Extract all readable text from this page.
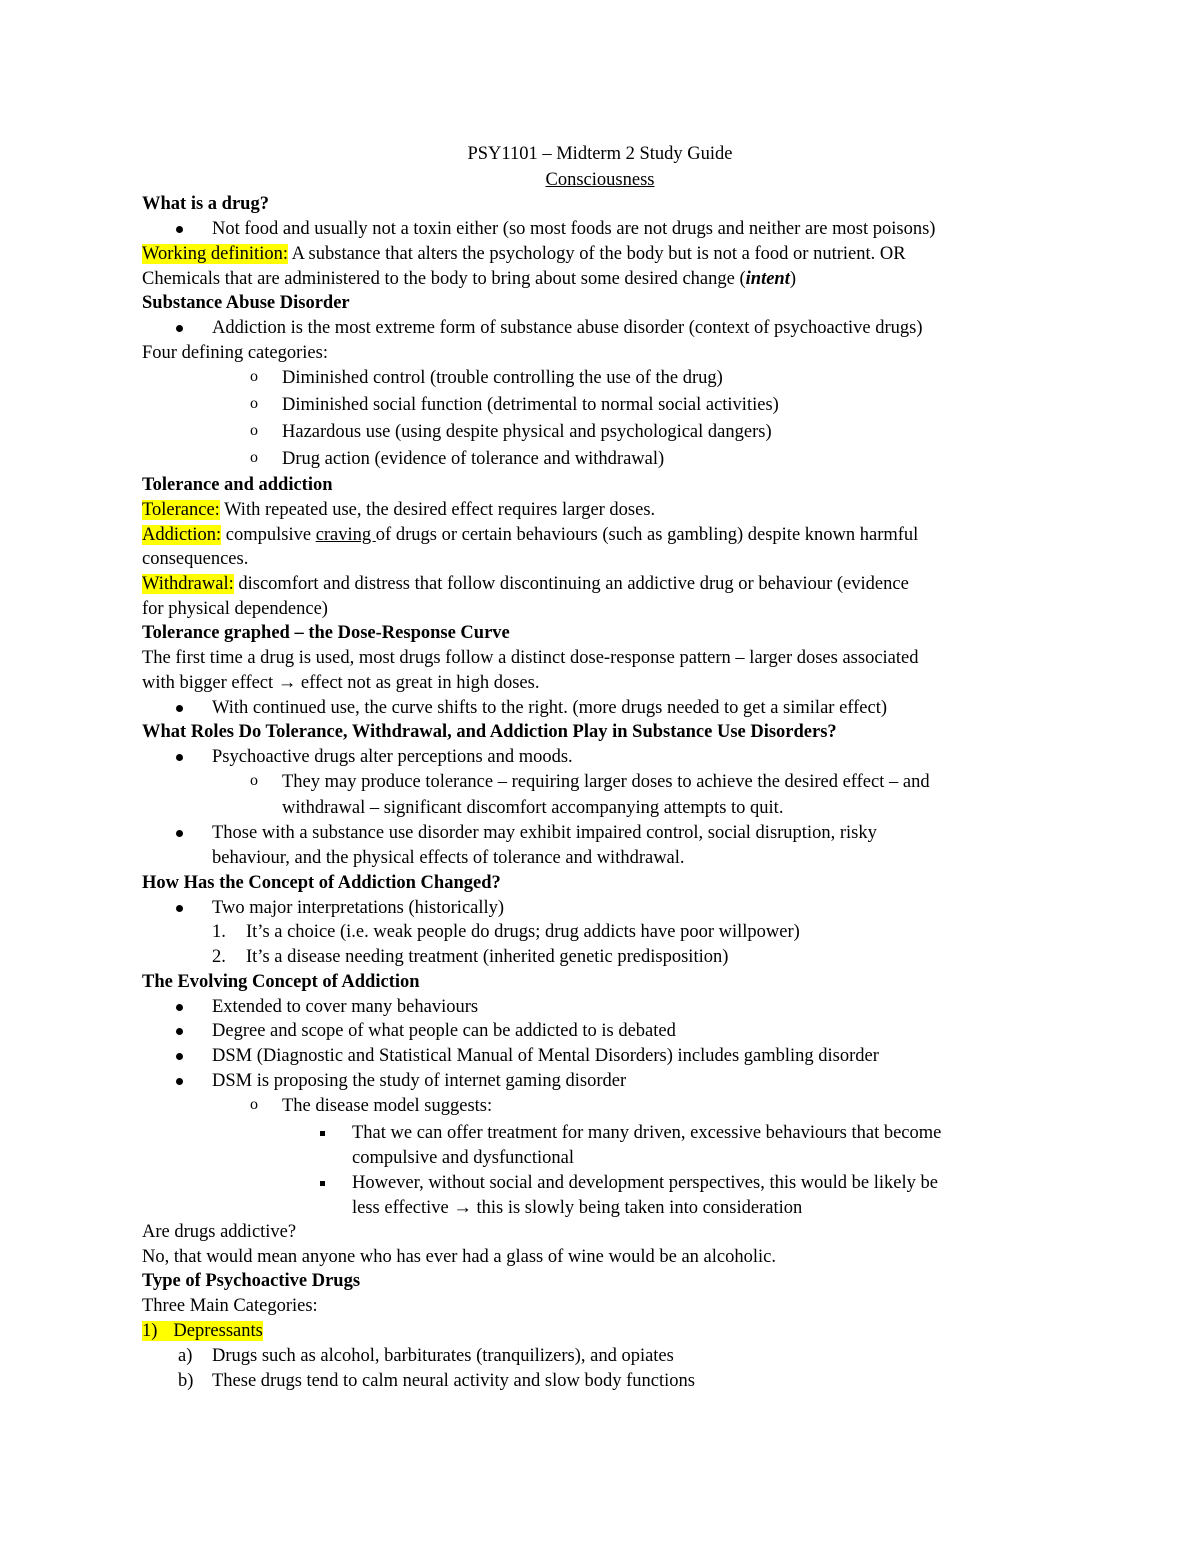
PSY1101 – Midterm 2 Study Guide
Consciousness
What is a drug?
Not food and usually not a toxin either (so most foods are not drugs and neither are most poisons)
Working definition: A substance that alters the psychology of the body but is not a food or nutrient. OR
Chemicals that are administered to the body to bring about some desired change (intent)
Substance Abuse Disorder
Addiction is the most extreme form of substance abuse disorder (context of psychoactive drugs)
Four defining categories:
o Diminished control (trouble controlling the use of the drug)
o Diminished social function (detrimental to normal social activities)
o Hazardous use (using despite physical and psychological dangers)
o Drug action (evidence of tolerance and withdrawal)
Tolerance and addiction
Tolerance: With repeated use, the desired effect requires larger doses.
Addiction: compulsive craving of drugs or certain behaviours (such as gambling) despite known harmful
consequences.
Withdrawal: discomfort and distress that follow discontinuing an addictive drug or behaviour (evidence
for physical dependence)
Tolerance graphed – the Dose-Response Curve
The first time a drug is used, most drugs follow a distinct dose-response pattern – larger doses associated
with bigger effect → effect not as great in high doses.
With continued use, the curve shifts to the right. (more drugs needed to get a similar effect)
What Roles Do Tolerance, Withdrawal, and Addiction Play in Substance Use Disorders?
Psychoactive drugs alter perceptions and moods.
o They may produce tolerance – requiring larger doses to achieve the desired effect – and
withdrawal – significant discomfort accompanying attempts to quit.
Those with a substance use disorder may exhibit impaired control, social disruption, risky
behaviour, and the physical effects of tolerance and withdrawal.
How Has the Concept of Addiction Changed?
Two major interpretations (historically)
1. It’s a choice (i.e. weak people do drugs; drug addicts have poor willpower)
2. It’s a disease needing treatment (inherited genetic predisposition)
The Evolving Concept of Addiction
Extended to cover many behaviours
Degree and scope of what people can be addicted to is debated
DSM (Diagnostic and Statistical Manual of Mental Disorders) includes gambling disorder
DSM is proposing the study of internet gaming disorder
o The disease model suggests:
That we can offer treatment for many driven, excessive behaviours that become
compulsive and dysfunctional
However, without social and development perspectives, this would be likely be
less effective → this is slowly being taken into consideration
Are drugs addictive?
No, that would mean anyone who has ever had a glass of wine would be an alcoholic.
Type of Psychoactive Drugs
Three Main Categories:
1) Depressants
a) Drugs such as alcohol, barbiturates (tranquilizers), and opiates
b) These drugs tend to calm neural activity and slow body functions
